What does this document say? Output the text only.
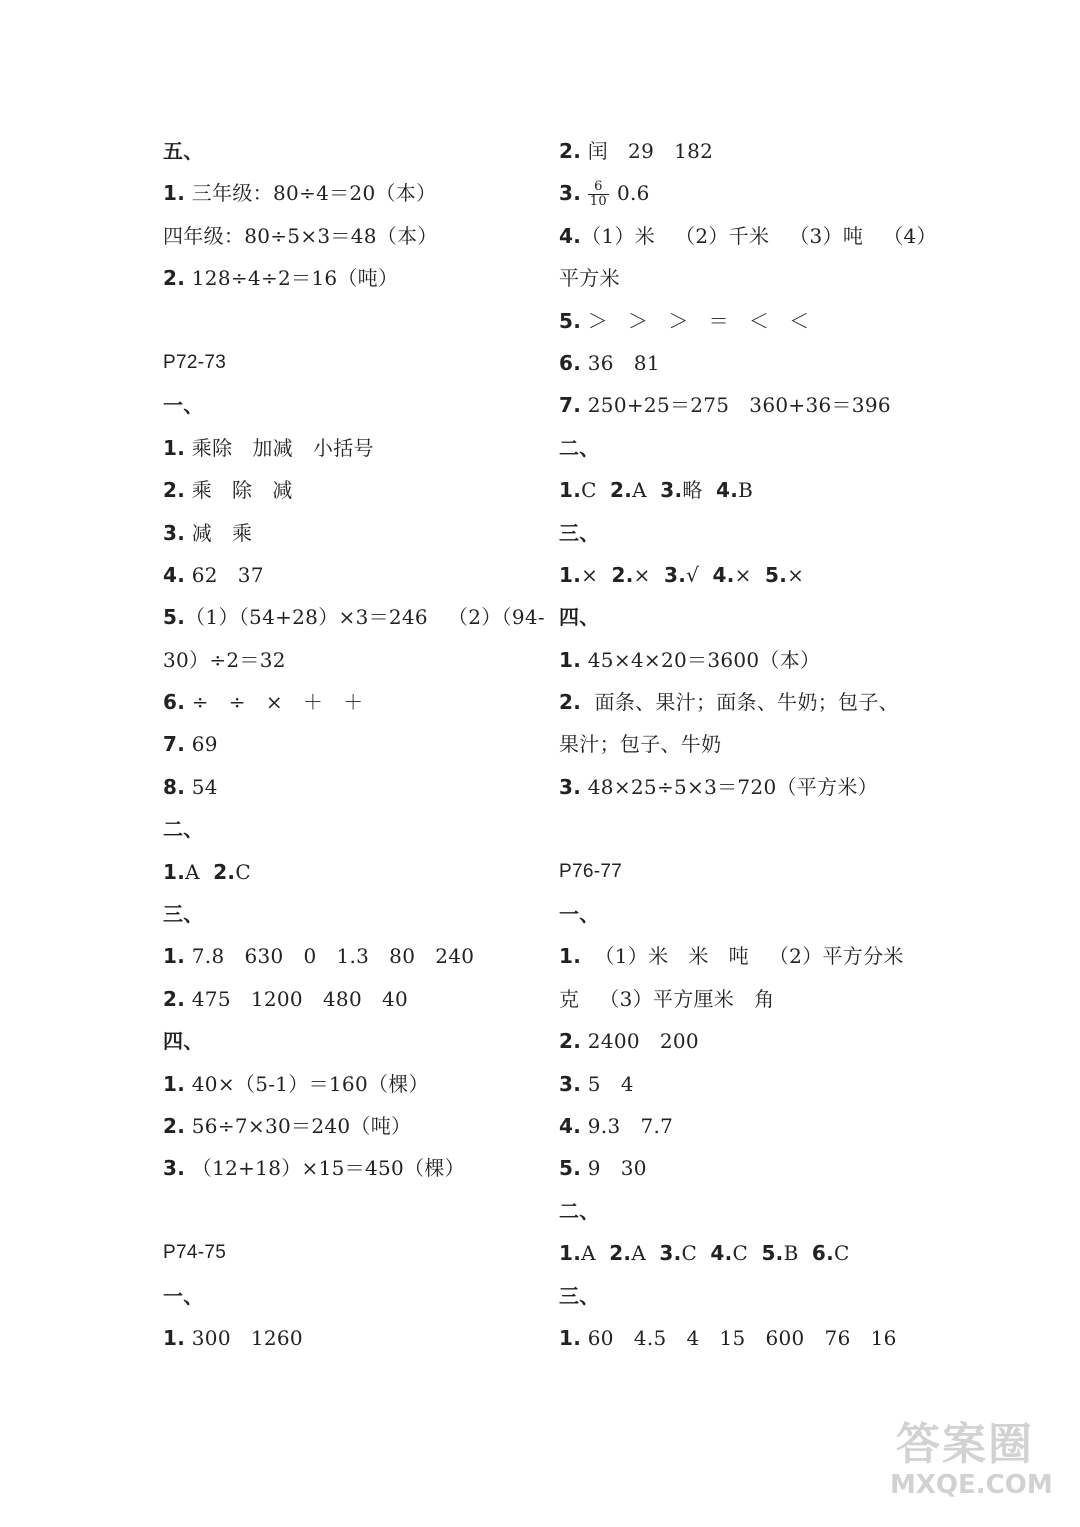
五、
1. 三年级：80÷4＝20（本）
四年级：80÷5×3＝48（本）
2. 128÷4÷2＝16（吨）
P72-73
一、
1. 乘除   加减   小括号
2. 乘   除   减
3. 减   乘
4. 62   37
5.（1）（54+28）×3＝246   （2）（94-
30）÷2＝32
6. ÷   ÷   ×   ＋   ＋
7. 69
8. 54
二、
1.A  2.C
三、
1. 7.8   630   0   1.3   80   240
2. 475   1200   480   40
四、
1. 40×（5-1）＝160（棵）
2. 56÷7×30＝240（吨）
3. （12+18）×15＝450（棵）
P74-75
一、
1. 300   1260
2. 闰   29   182
3. $\frac{6}{10} 0.6$
4.（1）米   （2）千米   （3）吨   （4）
平方米
5. ＞   ＞   ＞   ＝   ＜   ＜
6. 36   81
7. 250+25＝275   360+36＝396
二、
1.C  2.A  3.略  4.B
三、
1.×  2.×  3.√  4.×  5.×
四、
1. 45×4×20＝3600（本）
2.  面条、果汁；面条、牛奶；包子、
果汁；包子、牛奶
3. 48×25÷5×3＝720（平方米）
P76-77
一、
1.  （1）米   米   吨   （2）平方分米
克   （3）平方厘米   角
2. 2400   200
3. 5   4
4. 9.3   7.7
5. 9   30
二、
1.A  2.A  3.C  4.C  5.B  6.C
三、
1. 60   4.5   4   15   600   76   16
答案圈
MXQE.COM
